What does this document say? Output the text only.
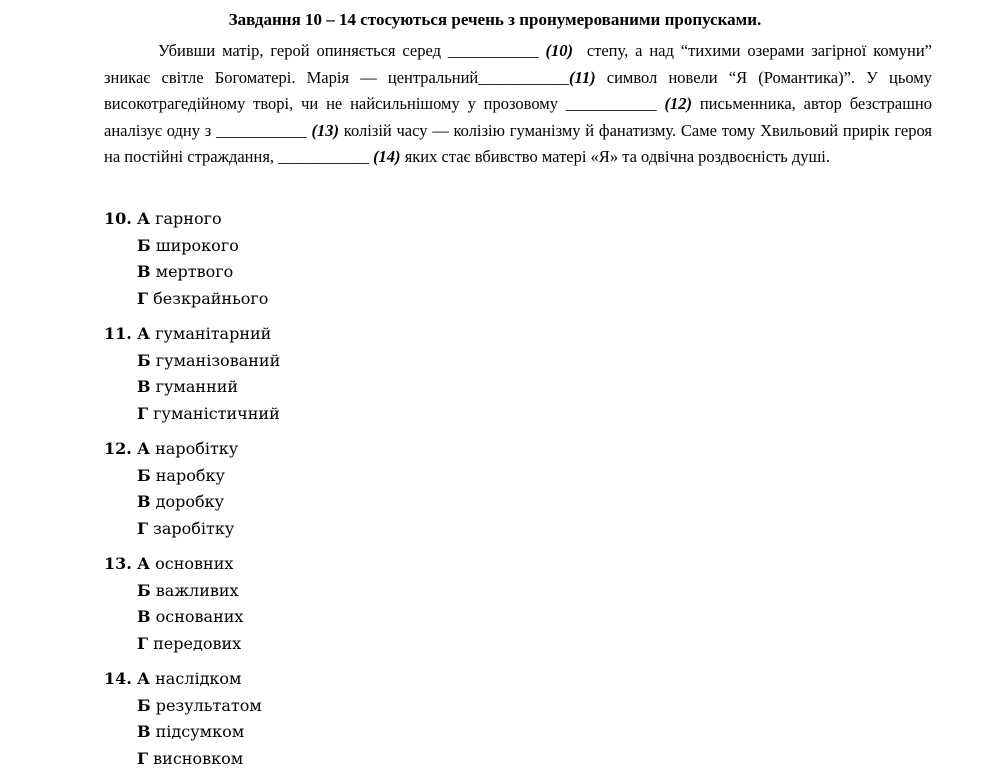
Завдання 10 – 14 стосуються речень з пронумерованими пропусками.
Убивши матір, герой опиняється серед ___________ (10) степу, а над “тихими озерами загірної комуни” зникає світле Богоматері. Марія — центральний___________(11) символ новели “Я (Романтика)”. У цьому високотрагедійному творі, чи не найсильнішому у прозовому ___________ (12) письменника, автор безстрашно аналізує одну з ___________ (13) колізій часу — колізію гуманізму й фанатизму. Саме тому Хвильовий прирік героя на постійні страждання, ___________ (14) яких стає вбивство матері «Я» та одвічна роздвоєність душі.
10. А гарного
Б широкого
В мертвого
Г безкрайнього
11. А гуманітарний
Б гуманізований
В гуманний
Г гуманістичний
12. А наробітку
Б наробку
В доробку
Г заробітку
13. А основних
Б важливих
В основаних
Г передових
14. А наслідком
Б результатом
В підсумком
Г висновком
